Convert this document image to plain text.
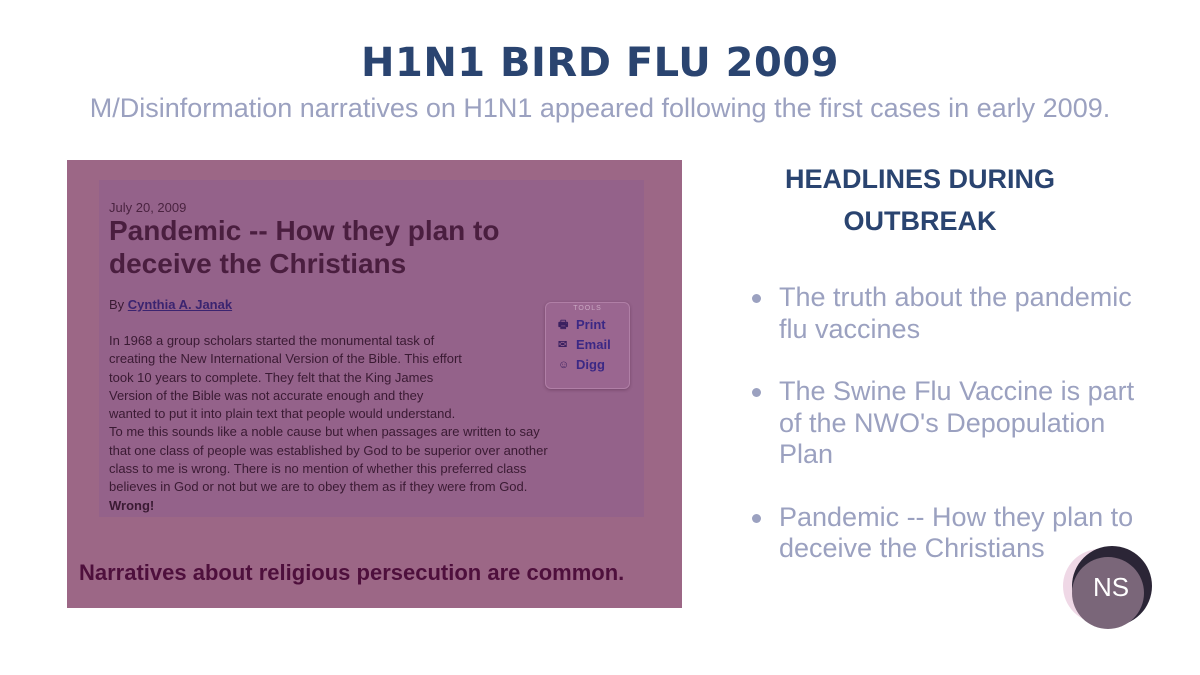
H1N1 BIRD FLU 2009
M/Disinformation narratives on H1N1 appeared following the first cases in early 2009.
July 20, 2009
Pandemic -- How they plan to deceive the Christians
By Cynthia A. Janak
In 1968 a group scholars started the monumental task of
creating the New International Version of the Bible. This effort
took 10 years to complete. They felt that the King James
Version of the Bible was not accurate enough and they
wanted to put it into plain text that people would understand.
To me this sounds like a noble cause but when passages are written to say
that one class of people was established by God to be superior over another
class to me is wrong. There is no mention of whether this preferred class
believes in God or not but we are to obey them as if they were from God.
Wrong!
TOOLS
🖶 Print
✉ Email
☺ Digg
Narratives about religious persecution are common.
HEADLINES DURING
OUTBREAK
The truth about the pandemic flu vaccines
The Swine Flu Vaccine is part of the NWO's Depopulation Plan
Pandemic -- How they plan to deceive the Christians
NS
